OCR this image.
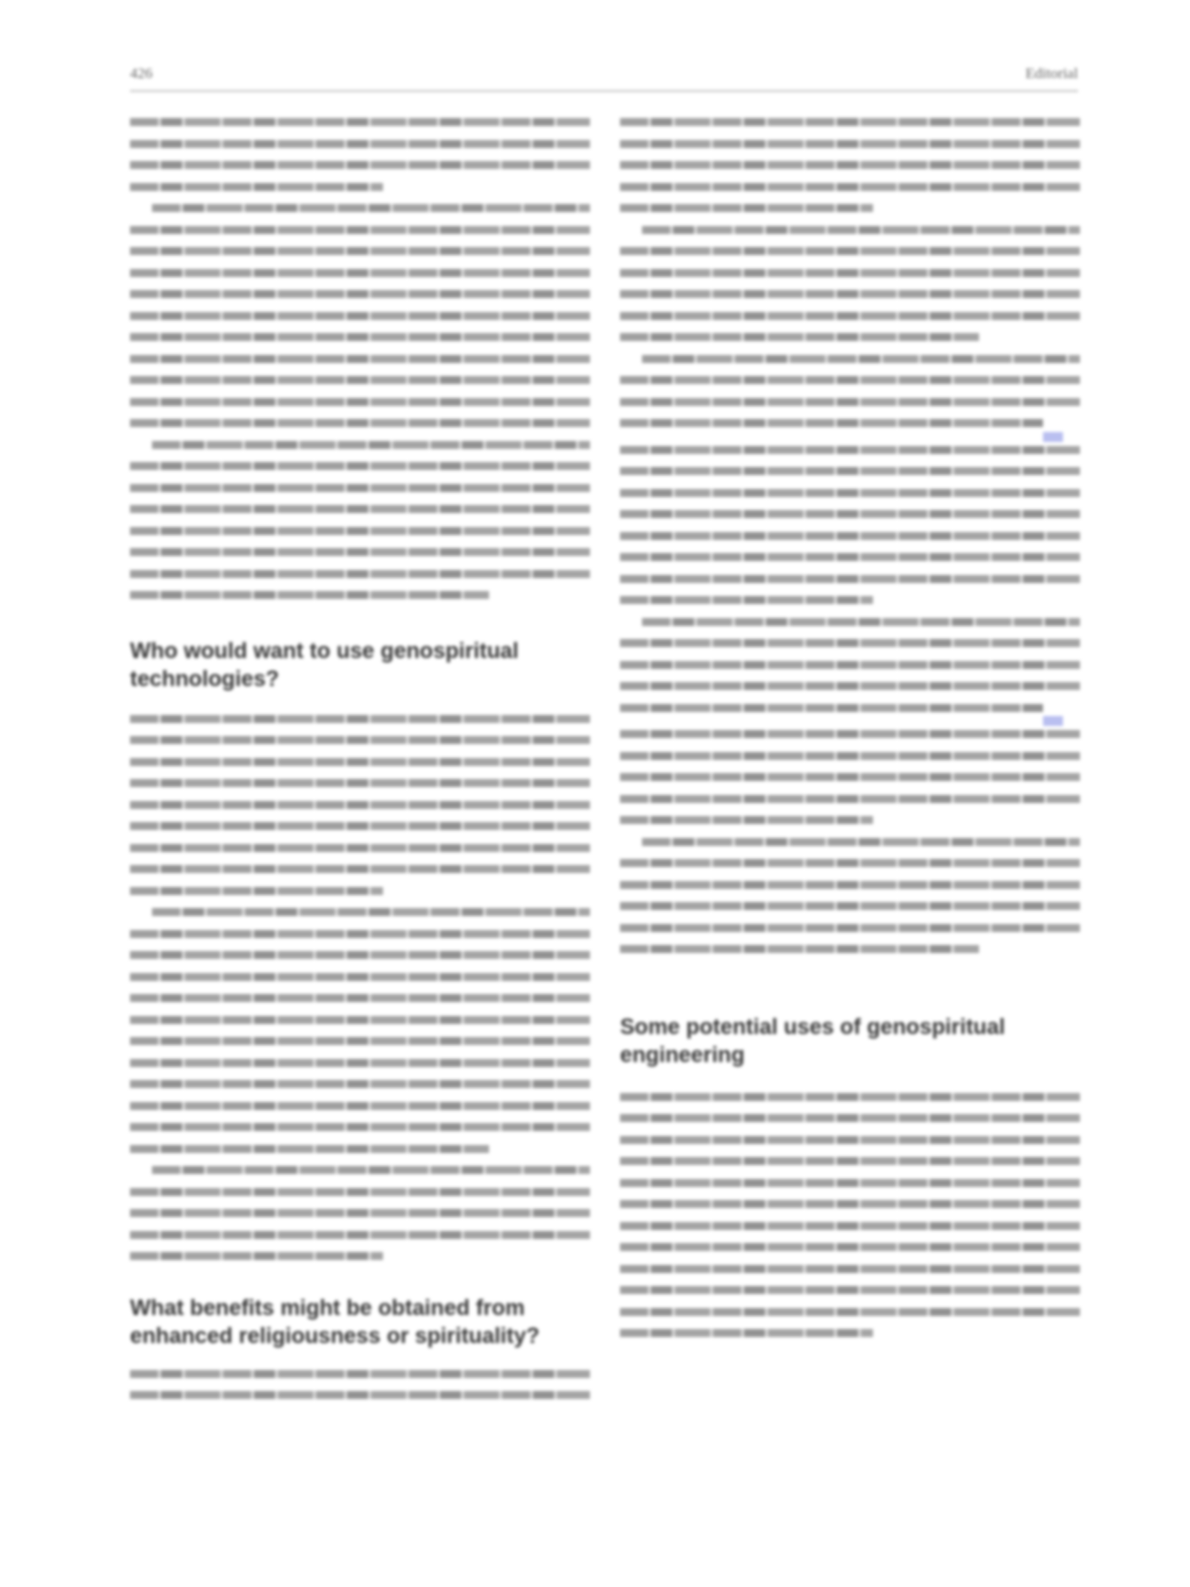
426	Editorial
Who would want to use genospiritual technologies?
What benefits might be obtained from enhanced religiousness or spirituality?
Some potential uses of genospiritual engineering
